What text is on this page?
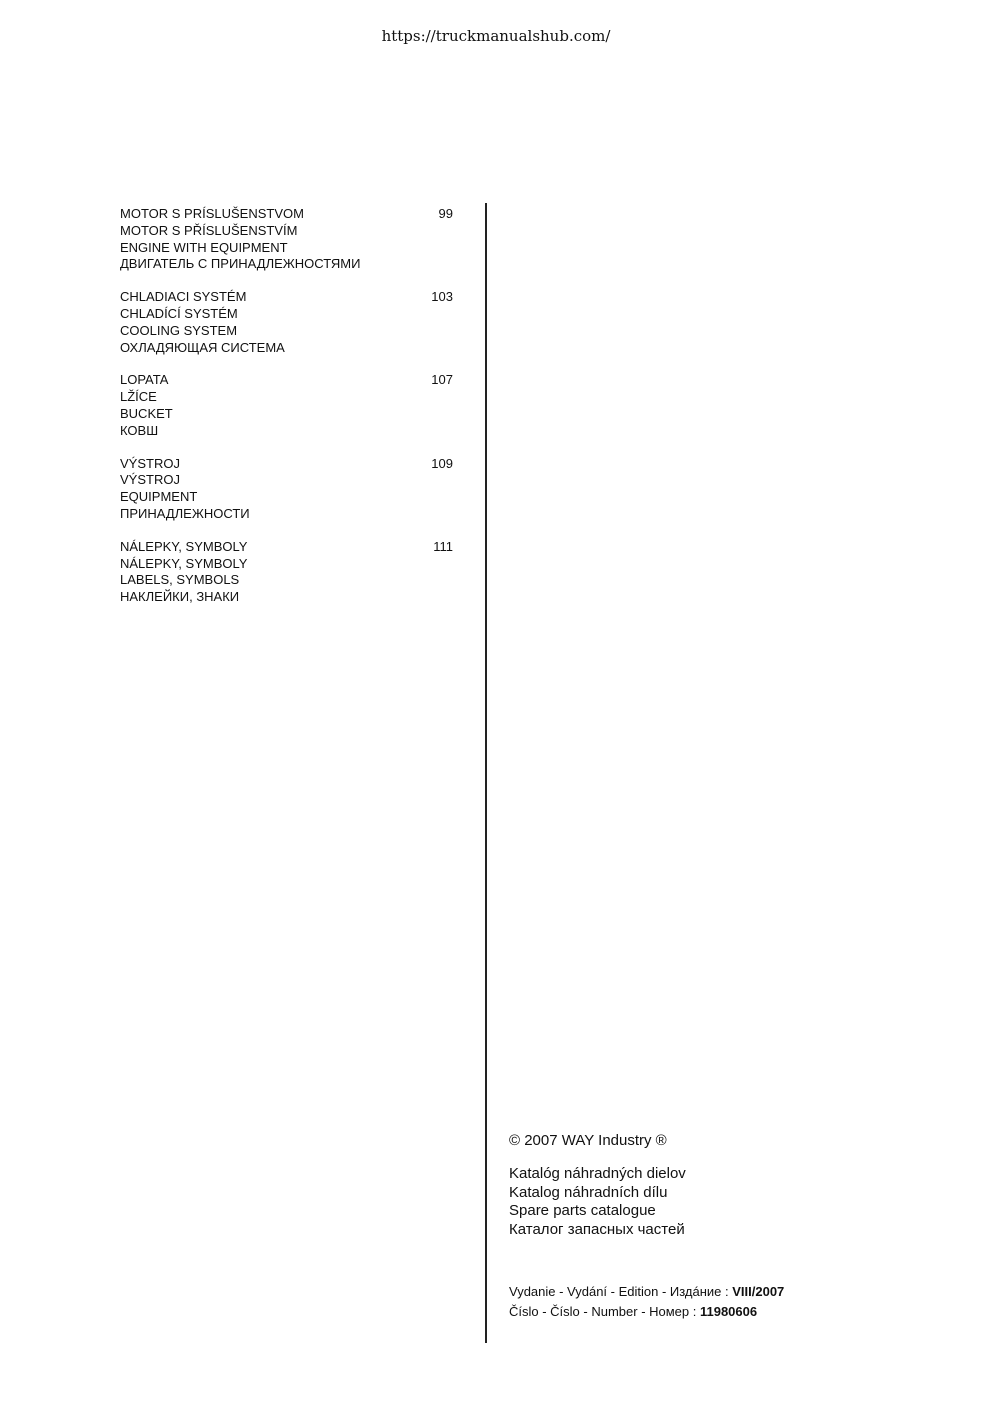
https://truckmanualshub.com/
MOTOR S PRÍSLUŠENSTVOM
MOTOR S PŘÍSLUŠENSTVÍM
ENGINE WITH EQUIPMENT
ДВИГАТЕЛЬ С ПРИНАДЛЕЖНОСТЯМИ
99
CHLADIACI SYSTÉM
CHLADÍCÍ SYSTÉM
COOLING SYSTEM
ОХЛАДЯЮЩАЯ СИСТЕМА
103
LOPATA
LŽÍCE
BUCKET
КОВШ
107
VÝSTROJ
VÝSTROJ
EQUIPMENT
ПРИНАДЛЕЖНОСТИ
109
NÁLEPKY, SYMBOLY
NÁLEPKY, SYMBOLY
LABELS, SYMBOLS
НАКЛЕЙКИ, ЗНАКИ
111
© 2007 WAY Industry ®
Katalóg náhradných dielov
Katalog náhradních dílu
Spare parts catalogue
Каталог запасных частей
Vydanie - Vydání - Edition - Издáние : VIII/2007
Číslo - Číslo - Number - Номер : 11980606
